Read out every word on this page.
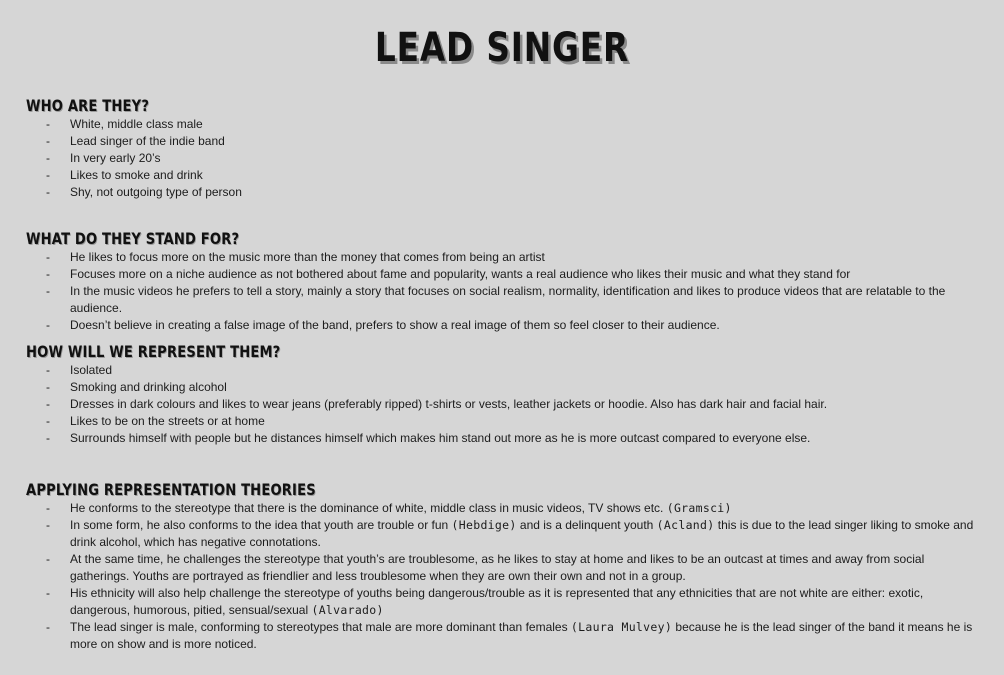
LEAD SINGER
WHO ARE THEY?
-	White, middle class male
-	Lead singer of the indie band
-	In very early 20’s
-	Likes to smoke and drink
-	Shy, not outgoing type of person
WHAT DO THEY STAND FOR?
-	He likes to focus more on the music more than the money that comes from being an artist
-	Focuses more on a niche audience as not bothered about fame and popularity, wants a real audience who likes their music and what they stand for
-	In the music videos he prefers to tell a story, mainly a story that focuses on social realism, normality, identification and likes to produce videos that are relatable to the audience.
-	Doesn’t believe in creating a false image of the band, prefers to show a real image of them so feel closer to their audience.
HOW WILL WE REPRESENT THEM?
-	Isolated
-	Smoking and drinking alcohol
-	Dresses in dark colours and likes to wear jeans (preferably ripped) t-shirts or vests, leather jackets or hoodie. Also has dark hair and facial hair.
-	Likes to be on the streets or at home
-	Surrounds himself with people but he distances himself which makes him stand out more as he is more outcast compared to everyone else.
APPLYING REPRESENTATION THEORIES
-	He conforms to the stereotype that there is the dominance of white, middle class in music videos, TV shows etc. (Gramsci)
-	In some form, he also conforms to the idea that youth are trouble or fun (Hebdige) and is a delinquent youth (Acland) this is due to the lead singer liking to smoke and drink alcohol, which has negative connotations.
-	At the same time, he challenges the stereotype that youth’s are troublesome, as he likes to stay at home and likes to be an outcast at times and away from social gatherings. Youths are portrayed as friendlier and less troublesome when they are own their own and not in a group.
-	His ethnicity will also help challenge the stereotype of youths being dangerous/trouble as it is represented that any ethnicities that are not white are either: exotic, dangerous, humorous, pitied, sensual/sexual (Alvarado)
-	The lead singer is male, conforming to stereotypes that male are more dominant than females (Laura Mulvey) because he is the lead singer of the band it means he is more on show and is more noticed.
